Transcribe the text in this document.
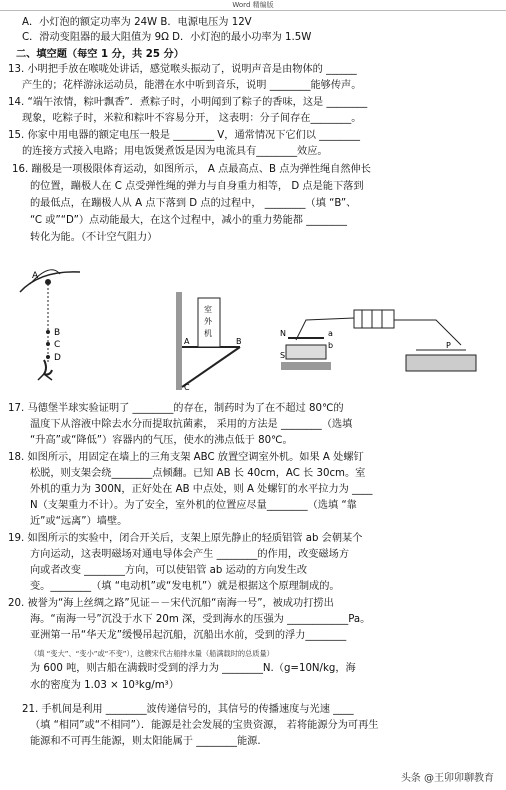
Word 精编版
A．小灯泡的额定功率为 24W B．电源电压为 12V
C．滑动变阻器的最大阻值为 9Ω D．小灯泡的最小功率为 1.5W
二、填空题（每空 1 分，共 25 分）
13. 小明把手放在喉咙处讲话，感觉喉头振动了，说明声音是由物体的 ______
产生的；花样游泳运动员，能潜在水中听到音乐，说明 ________能够传声。
14. “端午浓情，粽叶飘香”．煮粽子时，小明闻到了粽子的香味，这是 ________
现象，吃粽子时，米粒和粽叶不容易分开， 这表明：分子间存在________。
15. 你家中用电器的额定电压一般是 ________ V，通常情况下它们以 ________
的连接方式接入电路；用电饭煲煮饭是因为电流具有________效应。
16. 蹦极是一项极限体育运动，如图所示， A 点最高点、B 点为弹性绳自然伸长
的位置，蹦极人在 C 点受弹性绳的弹力与自身重力相等， D 点是能下落到
的最低点，在蹦极人从 A 点下落到 D 点的过程中， ________（填 “B”、
“C 或”“D”）点动能最大，在这个过程中，减小的重力势能都 ________
转化为能。（不计空气阻力）
A
B
C
D
室
外
机
A	B
C
N
S
a
b	P
17. 马德堡半球实验证明了 ________的存在，制药时为了在不超过 80℃的
温度下从溶液中除去水分而提取抗菌素， 采用的方法是 ________（选填
“升高”或“降低”）容器内的气压，使水的沸点低于 80℃。
18. 如图所示，用固定在墙上的三角支架 ABC 放置空调室外机。如果 A 处螺钉
松脱，则支架会绕________点倾翻。已知 AB 长 40cm，AC 长 30cm。室
外机的重力为 300N，正好处在 AB 中点处，则 A 处螺钉的水平拉力为 ____
N（支架重力不计）。为了安全，室外机的位置应尽量________（选填 “靠
近”或“远离”）墙壁。
19. 如图所示的实验中，闭合开关后，支架上原先静止的轻质铝管 ab 会朝某个
方向运动，这表明磁场对通电导体会产生 ________的作用，改变磁场方
向或者改变 ________方向，可以使铝管 ab 运动的方向发生改
变。________（填 “电动机”或“发电机”）就是根据这个原理制成的。
20. 被誉为“海上丝绸之路”见证－－宋代沉船“南海一号”，被成功打捞出
海。“南海一号”沉没于水下 20m 深，受到海水的压强为 ____________Pa。
亚洲第一吊“华天龙”缓慢吊起沉船，沉船出水前，受到的浮力________
（填 “变大”、“变小”或“不变”），这艘宋代古船排水量（船满载时的总质量）
为 600 吨，则古船在满载时受到的浮力为 ________N.（g=10N/kg，海
水的密度为 1.03 × 10³kg/m³）
21. 手机间是利用 ________波传递信号的，其信号的传播速度与光速 ____
（填 “相同”或“不相同”）．能源是社会发展的宝贵资源， 若将能源分为可再生
能源和不可再生能源，则太阳能属于 ________能源.
头条 @王卯卯聊教育
